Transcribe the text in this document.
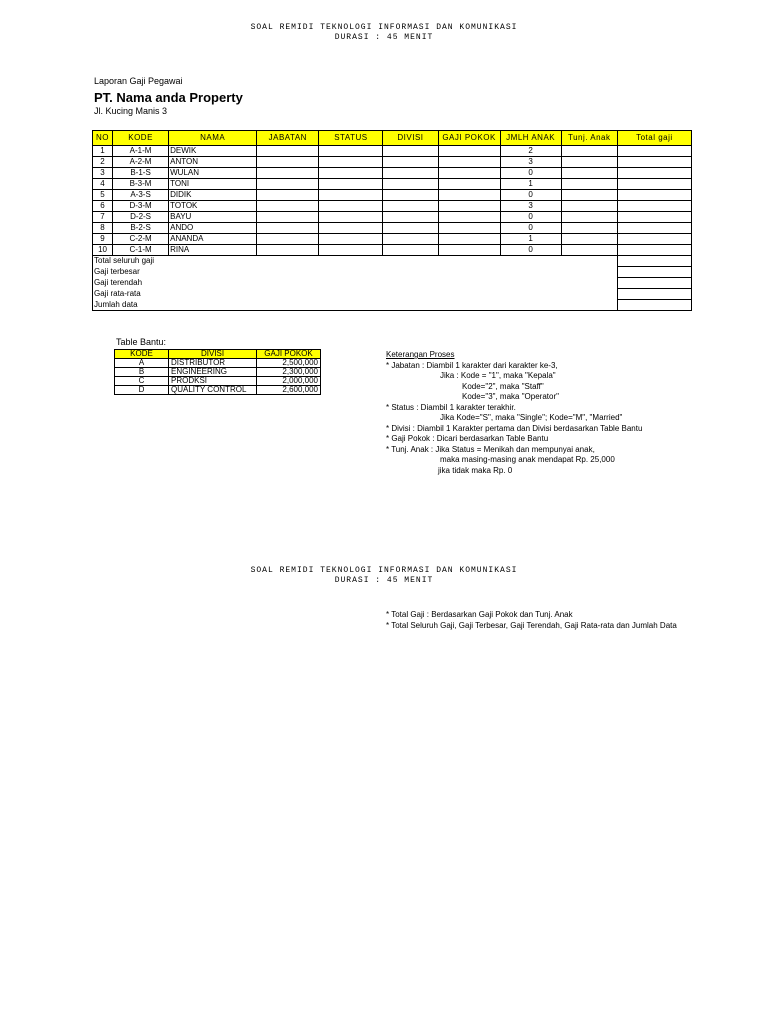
SOAL REMIDI TEKNOLOGI INFORMASI DAN KOMUNIKASI
DURASI : 45 MENIT
Laporan Gaji Pegawai
PT. Nama anda Property
Jl. Kucing Manis 3
NO	KODE	NAMA	JABATAN	STATUS	DIVISI	GAJI POKOK	JMLH ANAK	Tunj. Anak	Total gaji
1	A-1-M	DEWIK					2		
2	A-2-M	ANTON					3		
3	B-1-S	WULAN					0		
4	B-3-M	TONI					1		
5	A-3-S	DIDIK					0		
6	D-3-M	TOTOK					3		
7	D-2-S	BAYU					0		
8	B-2-S	ANDO					0		
9	C-2-M	ANANDA					1		
10	C-1-M	RINA					0		
Total seluruh gaji									
Gaji terbesar									
Gaji terendah									
Gaji rata-rata									
Jumlah data									
Table Bantu:
KODE	DIVISI	GAJI POKOK
A	DISTRIBUTOR	2,500,000
B	ENGINEERING	2,300,000
C	PRODKSI	2,000,000
D	QUALITY CONTROL	2,600,000
Keterangan Proses
* Jabatan : Diambil 1 karakter dari karakter ke-3,
Jika : Kode = "1", maka "Kepala"
Kode="2", maka "Staff"
Kode="3", maka "Operator"
* Status : Diambil 1 karakter terakhir.
Jika Kode="S", maka "Single"; Kode="M", "Married"
* Divisi : Diambil 1 Karakter pertama dan Divisi berdasarkan Table Bantu
* Gaji Pokok : Dicari berdasarkan Table Bantu
* Tunj. Anak : Jika Status = Menikah dan mempunyai anak,
maka masing-masing anak mendapat Rp. 25,000
jika tidak maka Rp. 0
SOAL REMIDI TEKNOLOGI INFORMASI DAN KOMUNIKASI
DURASI : 45 MENIT
* Total Gaji : Berdasarkan Gaji Pokok dan Tunj. Anak
* Total Seluruh Gaji, Gaji Terbesar, Gaji Terendah, Gaji Rata-rata dan Jumlah Data
